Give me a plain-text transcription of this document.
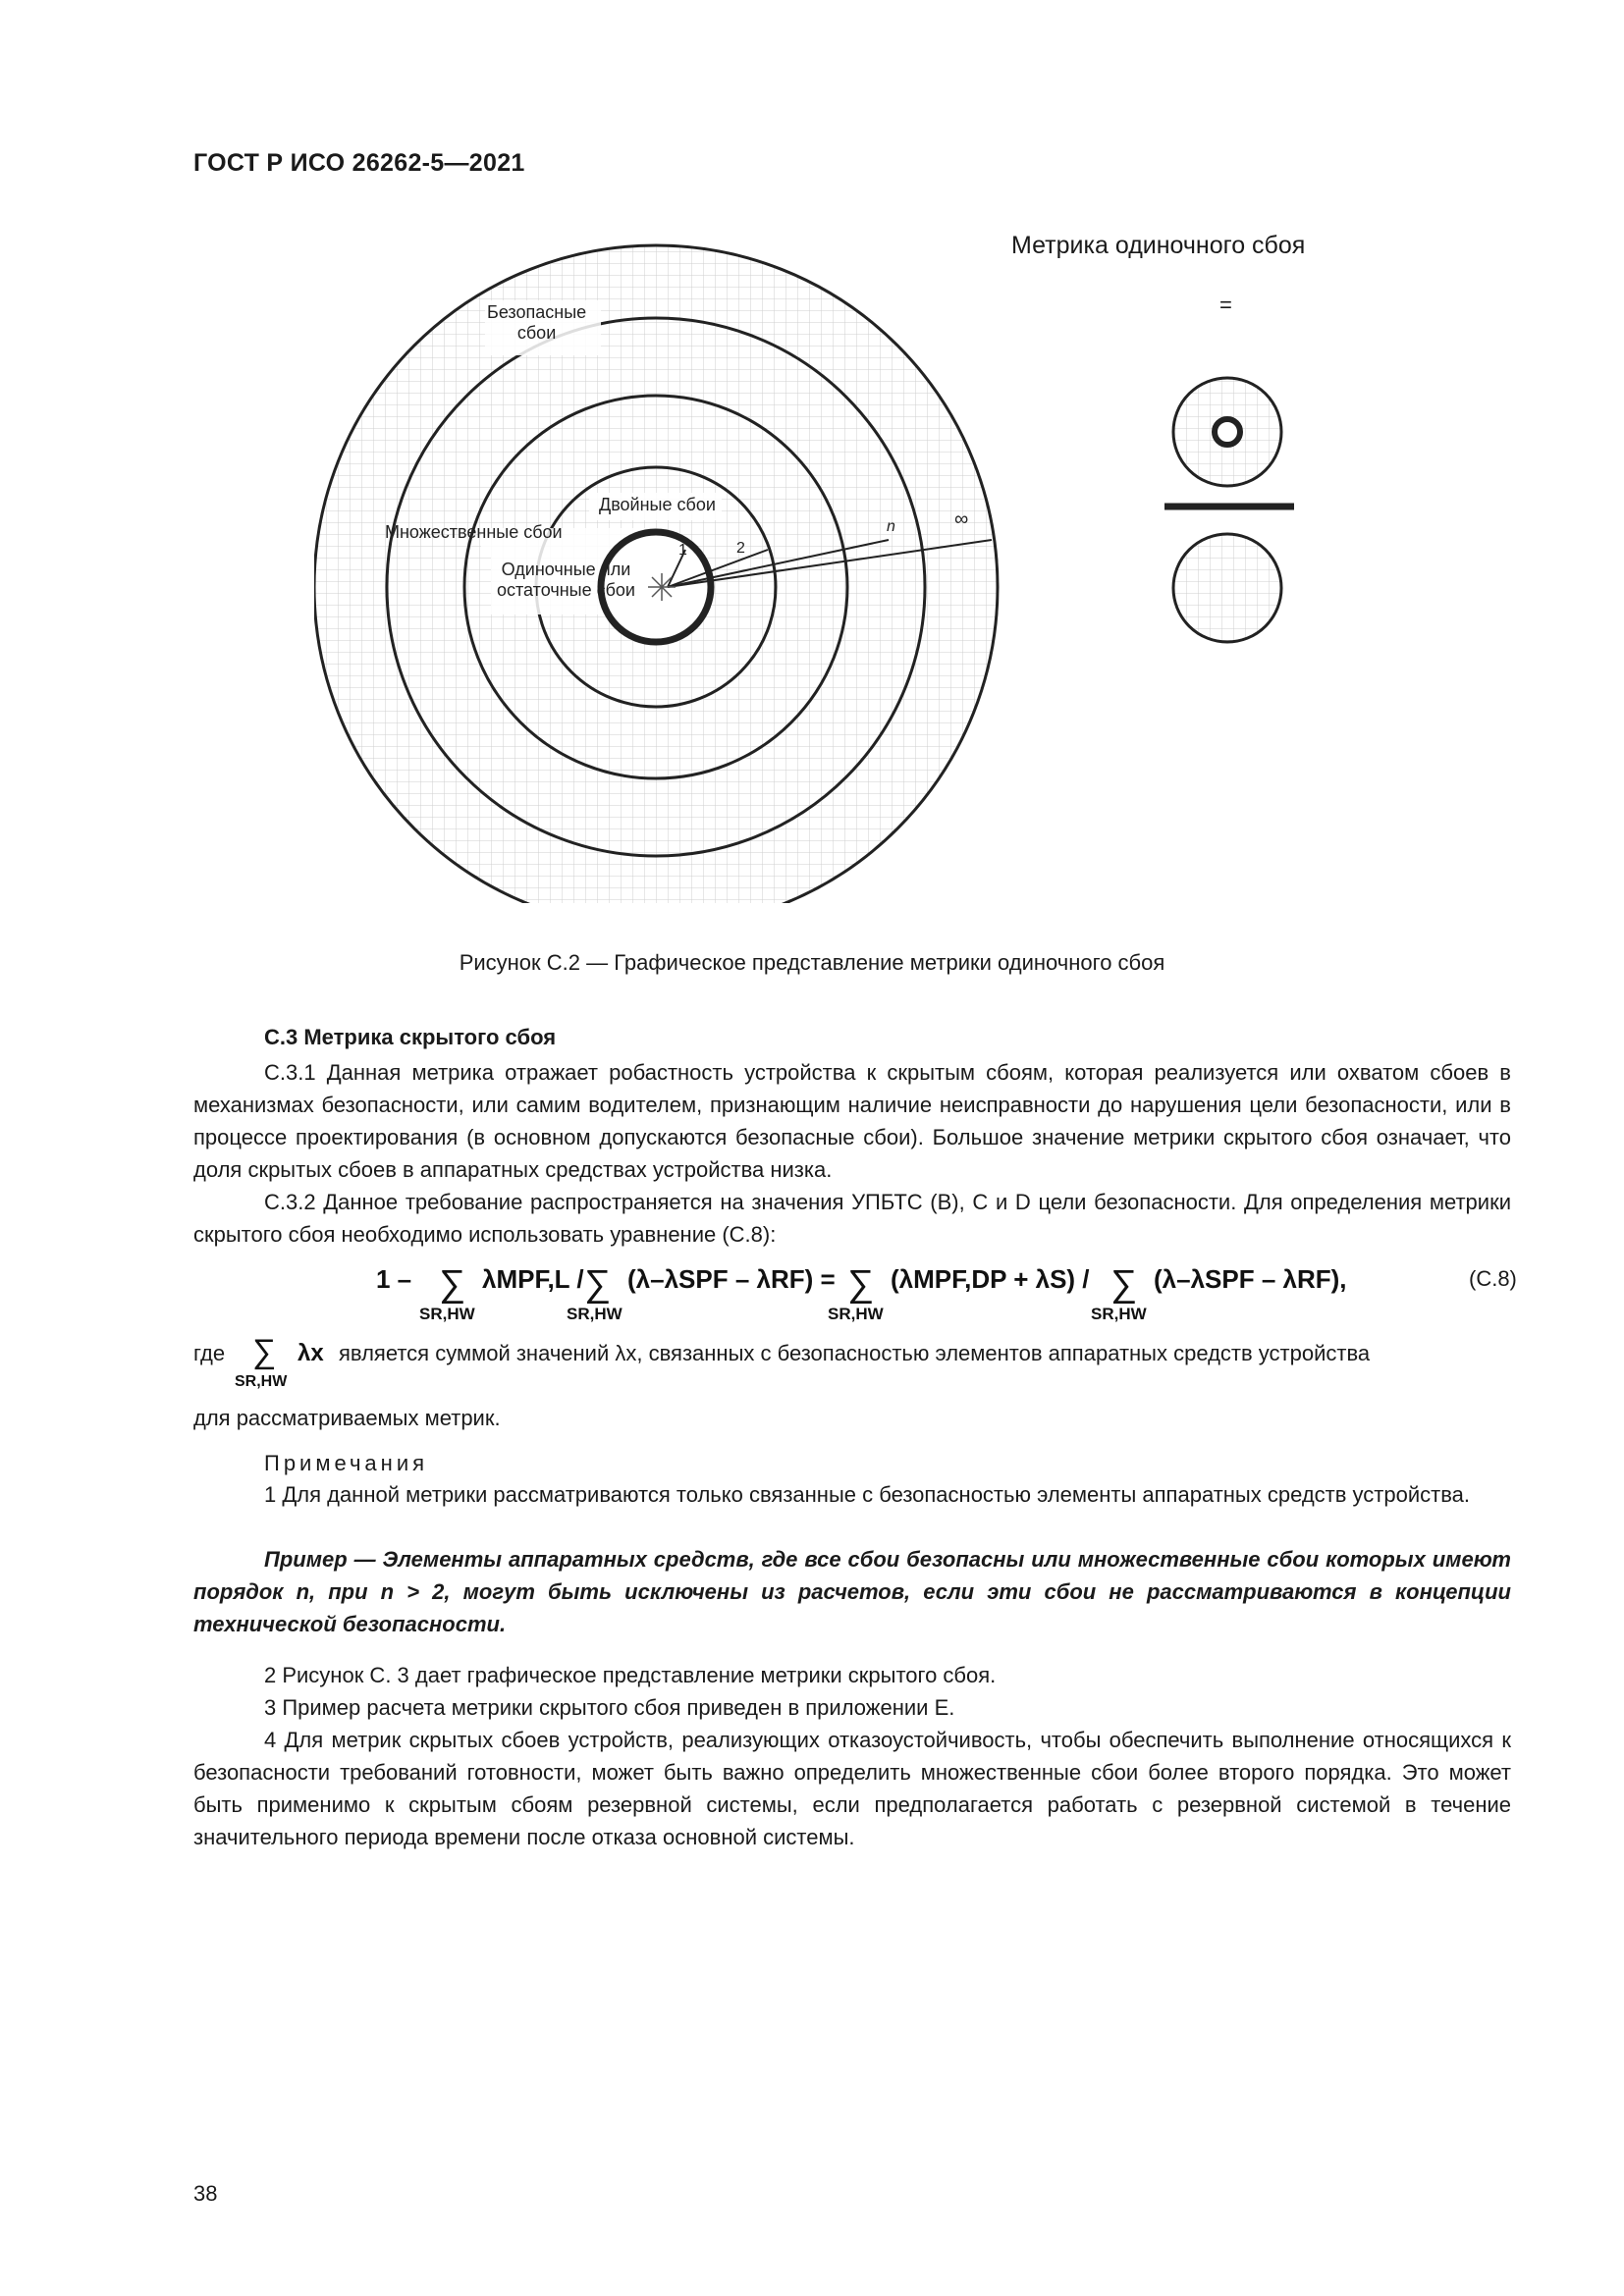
ГОСТ Р ИСО 26262-5—2021
Безопасные
сбои
Множественные сбои
Двойные сбои
Одиночные или
остаточные сбои
1	2
n	∞
Метрика одиночного сбоя
=
Рисунок С.2 — Графическое представление метрики одиночного сбоя
С.3 Метрика скрытого сбоя
С.3.1 Данная метрика отражает робастность устройства к скрытым сбоям, которая реализуется или охватом сбоев в механизмах безопасности, или самим водителем, признающим наличие неисправности до нарушения цели безопасности, или в процессе проектирования (в основном допускаются безопасные сбои). Большое значение метрики скрытого сбоя означает, что доля скрытых сбоев в аппаратных средствах устройства низка.
С.3.2 Данное требование распространяется на значения УПБТС (В), С и D цели безопасности. Для определения метрики скрытого сбоя необходимо использовать уравнение (С.8):
1 – ∑
SR,HW
λMPF,L / ∑
SR,HW
(λ–λSPF – λRF) = ∑
SR,HW
(λMPF,DP + λS) / ∑
SR,HW
(λ–λSPF – λRF),	(С.8)
где ∑
SR,HW
λx является суммой значений λx, связанных с безопасностью элементов аппаратных средств устройства
для рассматриваемых метрик.
Примечания
1 Для данной метрики рассматриваются только связанные с безопасностью элементы аппаратных средств устройства.
Пример — Элементы аппаратных средств, где все сбои безопасны или множественные сбои которых имеют порядок n, при n > 2, могут быть исключены из расчетов, если эти сбои не рассматриваются в концепции технической безопасности.
2 Рисунок С. 3 дает графическое представление метрики скрытого сбоя.
3 Пример расчета метрики скрытого сбоя приведен в приложении Е.
4 Для метрик скрытых сбоев устройств, реализующих отказоустойчивость, чтобы обеспечить выполнение относящихся к безопасности требований готовности, может быть важно определить множественные сбои более второго порядка. Это может быть применимо к скрытым сбоям резервной системы, если предполагается работать с резервной системой в течение значительного периода времени после отказа основной системы.
38
